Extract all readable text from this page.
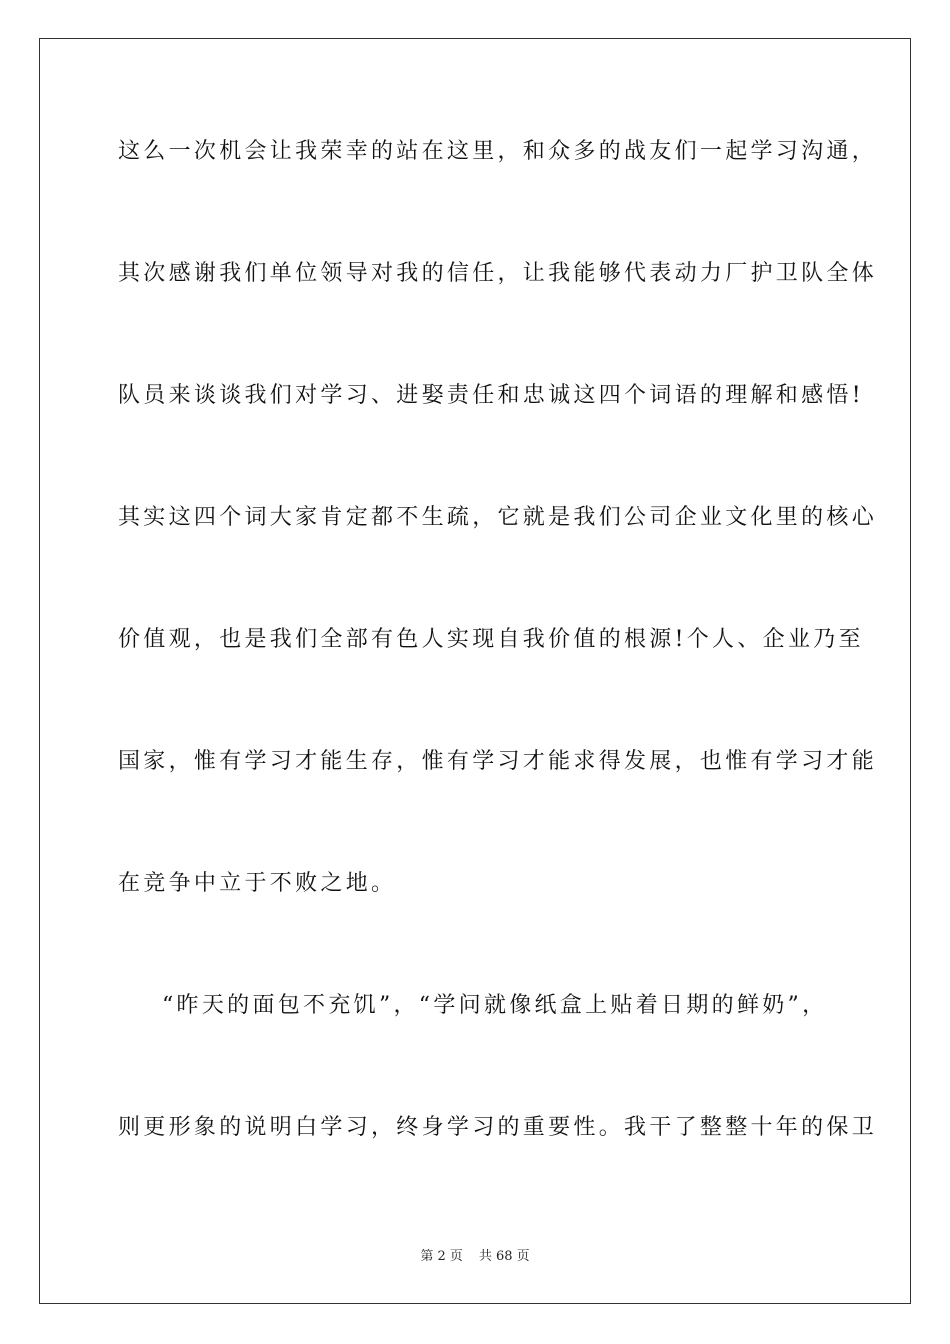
这么一次机会让我荣幸的站在这里，和众多的战友们一起学习沟通，
其次感谢我们单位领导对我的信任，让我能够代表动力厂护卫队全体
队员来谈谈我们对学习、进娶责任和忠诚这四个词语的理解和感悟!
其实这四个词大家肯定都不生疏，它就是我们公司企业文化里的核心
价值观，也是我们全部有色人实现自我价值的根源!个人、企业乃至
国家，惟有学习才能生存，惟有学习才能求得发展，也惟有学习才能
在竞争中立于不败之地。
“昨天的面包不充饥”，“学问就像纸盒上贴着日期的鲜奶”，
则更形象的说明白学习，终身学习的重要性。我干了整整十年的保卫
第 2 页 共 68 页
